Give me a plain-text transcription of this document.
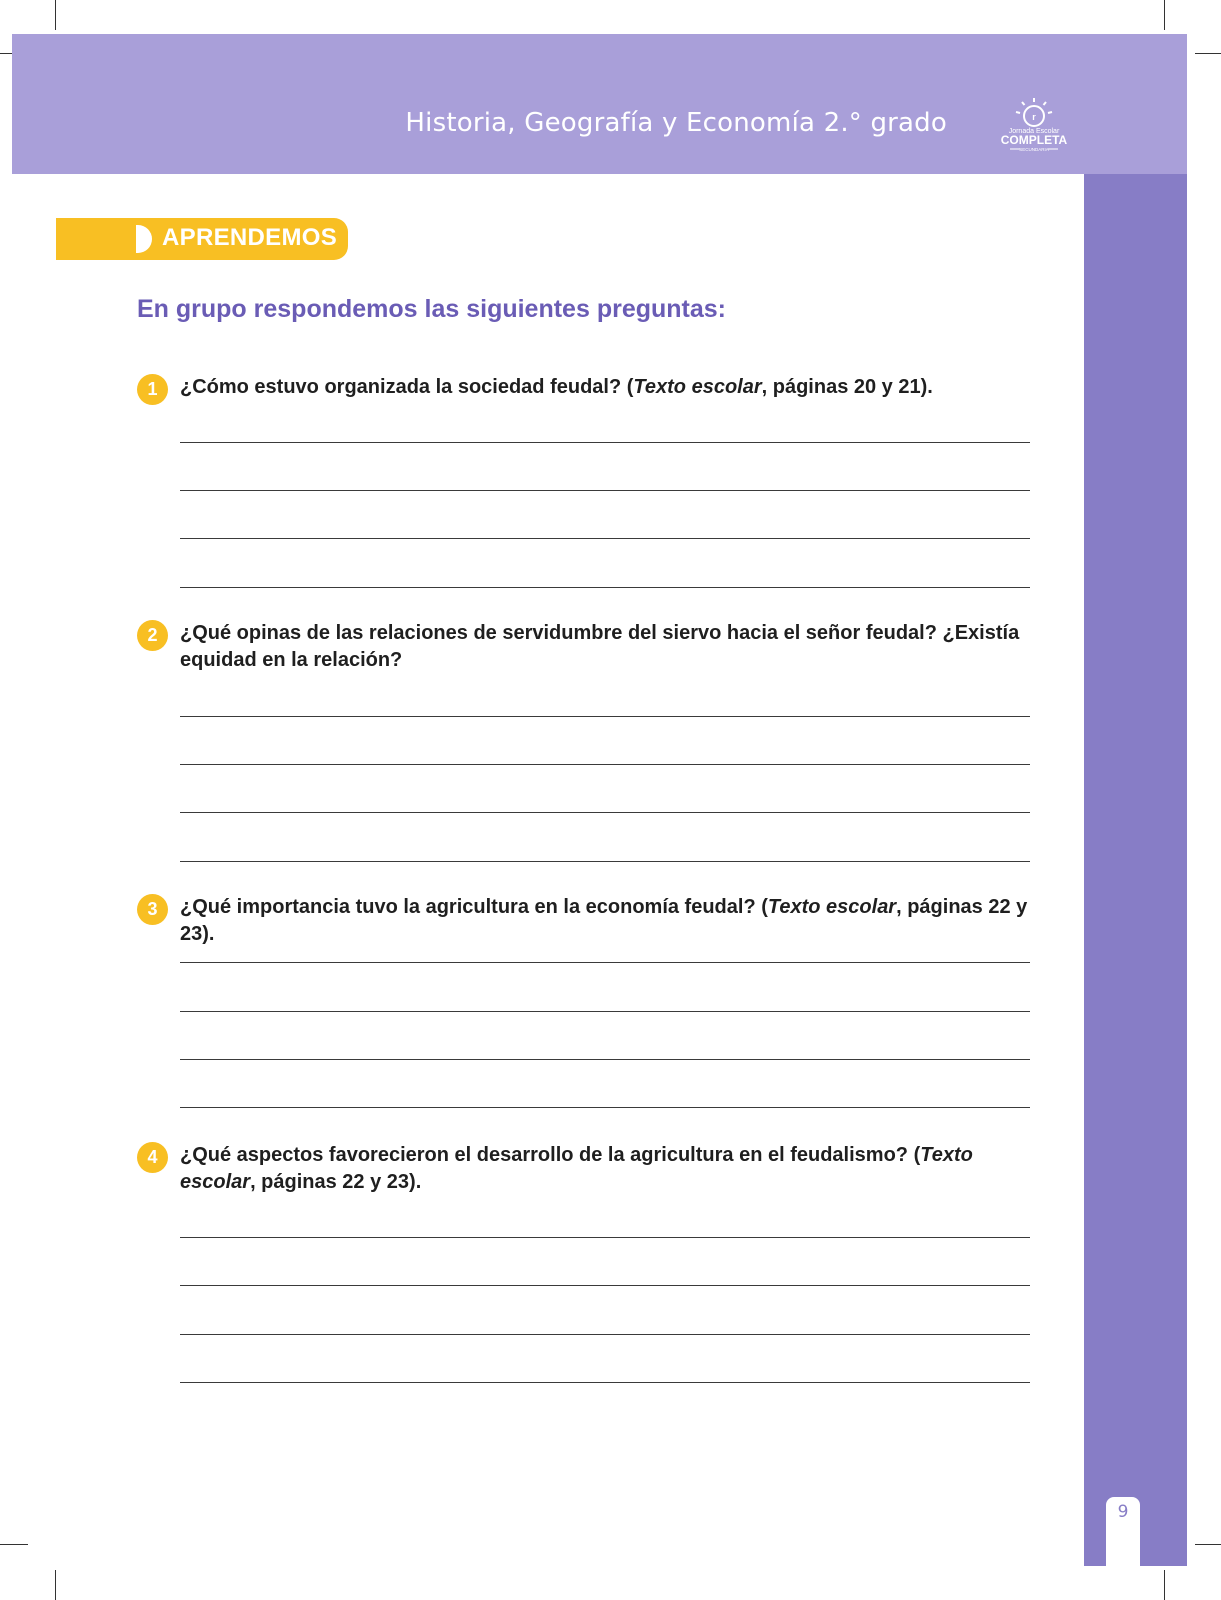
Historia, Geografía y Economía 2.° grado	r
Jornada Escolar
COMPLETA
SECUNDARIA
9
APRENDEMOS
En grupo respondemos las siguientes preguntas:
1	¿Cómo estuvo organizada la sociedad feudal? (Texto escolar, páginas 20 y 21).
2	¿Qué opinas de las relaciones de servidumbre del siervo hacia el señor feudal? ¿Existía equidad en la relación?
3	¿Qué importancia tuvo la agricultura en la economía feudal? (Texto escolar, páginas 22 y 23).
4	¿Qué aspectos favorecieron el desarrollo de la agricultura en el feudalismo? (Texto escolar, páginas 22 y 23).
